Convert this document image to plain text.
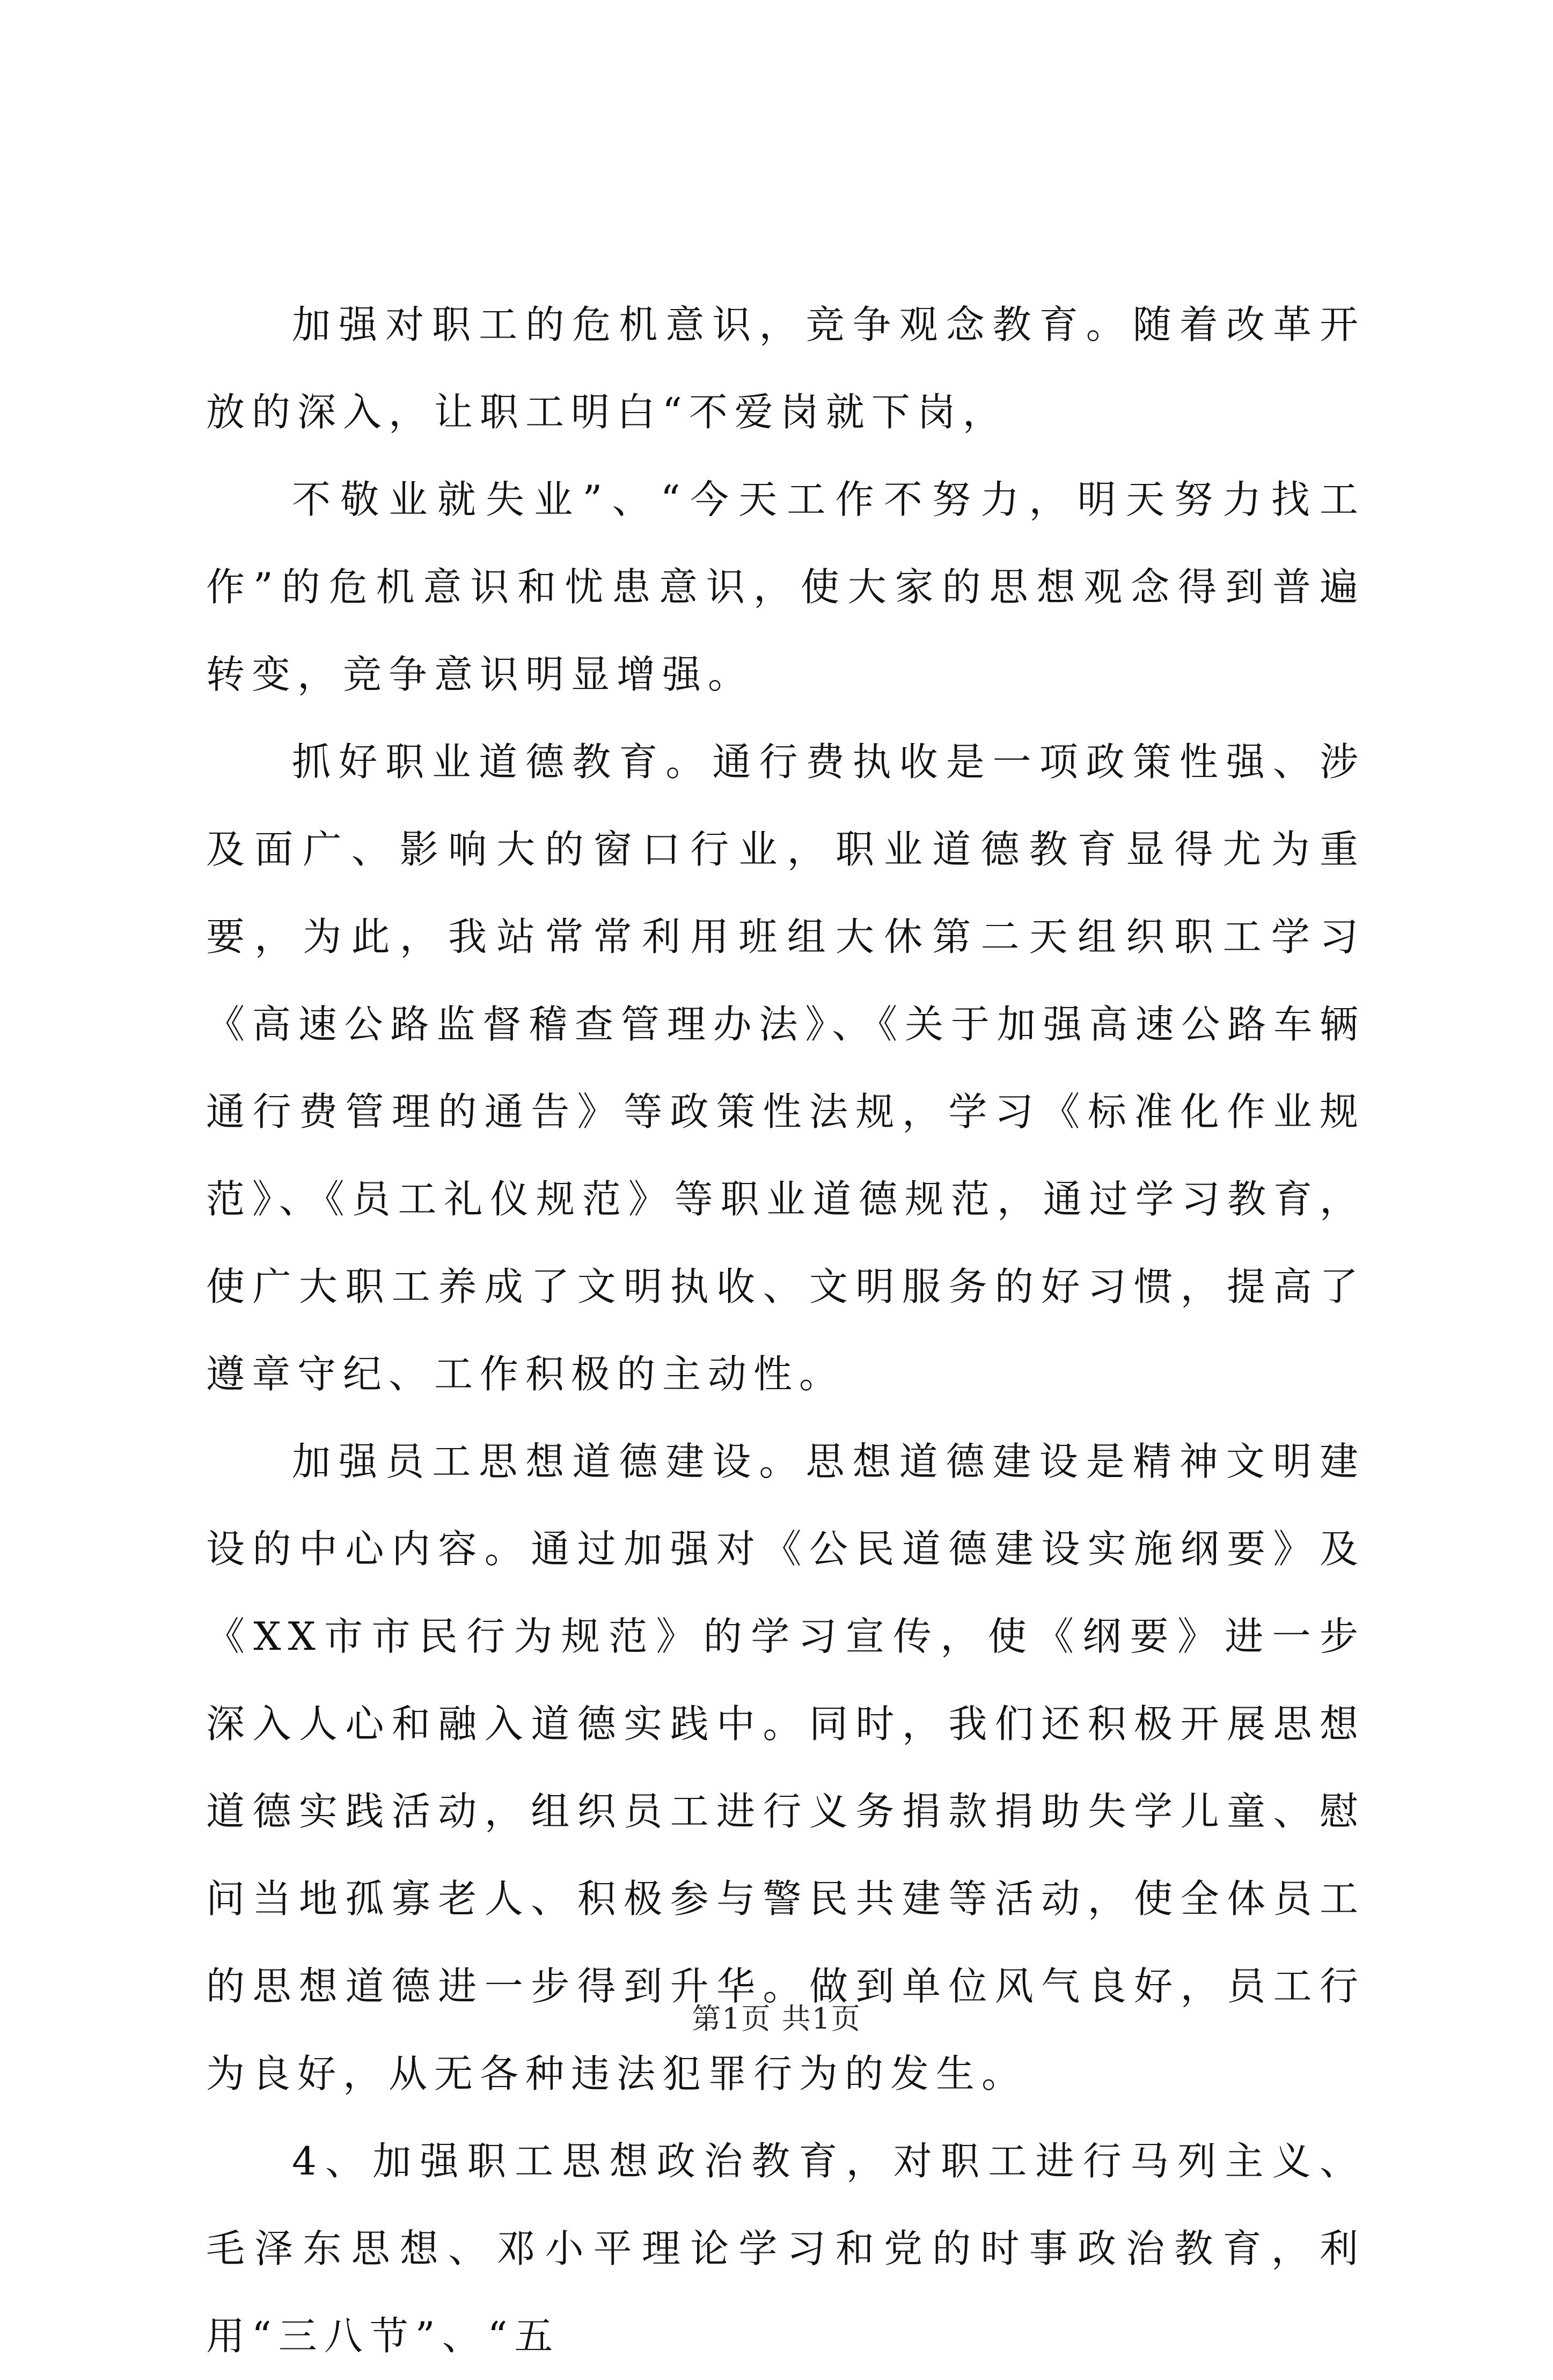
加强对职工的危机意识，竞争观念教育。随着改革开放的深入，让职工明白“不爱岗就下岗，

不敬业就失业”、“今天工作不努力，明天努力找工作”的危机意识和忧患意识，使大家的思想观念得到普遍转变，竞争意识明显增强。

抓好职业道德教育。通行费执收是一项政策性强、涉及面广、影响大的窗口行业，职业道德教育显得尤为重要，为此，我站常常利用班组大休第二天组织职工学习《高速公路监督稽查管理办法》、《关于加强高速公路车辆通行费管理的通告》等政策性法规，学习《标准化作业规范》、《员工礼仪规范》等职业道德规范，通过学习教育，使广大职工养成了文明执收、文明服务的好习惯，提高了遵章守纪、工作积极的主动性。

加强员工思想道德建设。思想道德建设是精神文明建设的中心内容。通过加强对《公民道德建设实施纲要》及《XX市市民行为规范》的学习宣传，使《纲要》进一步深入人心和融入道德实践中。同时，我们还积极开展思想道德实践活动，组织员工进行义务捐款捐助失学儿童、慰问当地孤寡老人、积极参与警民共建等活动，使全体员工的思想道德进一步得到升华。做到单位风气良好，员工行为良好，从无各种违法犯罪行为的发生。

4、加强职工思想政治教育，对职工进行马列主义、毛泽东思想、邓小平理论学习和党的时事政治教育，利用“三八节”、“五

第1页 共1页
